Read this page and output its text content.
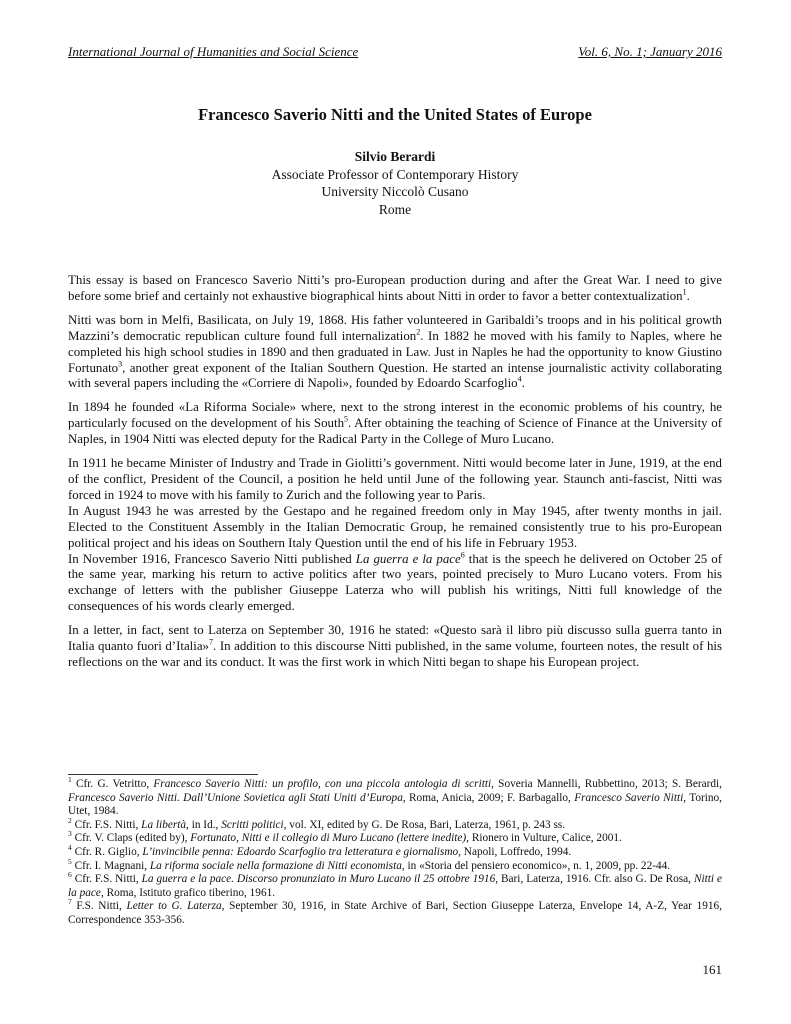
International Journal of Humanities and Social Science	Vol. 6, No. 1; January 2016
Francesco Saverio Nitti and the United States of Europe
Silvio Berardi
Associate Professor of Contemporary History
University Niccolò Cusano
Rome

This essay is based on Francesco Saverio Nitti’s pro-European production during and after the Great War. I need to give before some brief and certainly not exhaustive biographical hints about Nitti in order to favor a better contextualization$^1$.

Nitti was born in Melfi, Basilicata, on July 19, 1868. His father volunteered in Garibaldi’s troops and in his political growth Mazzini’s democratic republican culture found full internalization$^2$. In 1882 he moved with his family to Naples, where he completed his high school studies in 1890 and then graduated in Law. Just in Naples he had the opportunity to know Giustino Fortunato$^3$, another great exponent of the Italian Southern Question. He started an intense journalistic activity collaborating with several papers including the «Corriere di Napoli», founded by Edoardo Scarfoglio$^4$.

In 1894 he founded «La Riforma Sociale» where, next to the strong interest in the economic problems of his country, he particularly focused on the development of his South$^5$. After obtaining the teaching of Science of Finance at the University of Naples, in 1904 Nitti was elected deputy for the Radical Party in the College of Muro Lucano.

In 1911 he became Minister of Industry and Trade in Giolitti’s government. Nitti would become later in June, 1919, at the end of the conflict, President of the Council, a position he held until June of the following year. Staunch anti-fascist, Nitti was forced in 1924 to move with his family to Zurich and the following year to Paris.

In August 1943 he was arrested by the Gestapo and he regained freedom only in May 1945, after twenty months in jail. Elected to the Constituent Assembly in the Italian Democratic Group, he remained consistently true to his pro-European political project and his ideas on Southern Italy Question until the end of his life in February 1953.

In November 1916, Francesco Saverio Nitti published La guerra e la pace$^6$ that is the speech he delivered on October 25 of the same year, marking his return to active politics after two years, pointed precisely to Muro Lucano voters. From his exchange of letters with the publisher Giuseppe Laterza who will publish his writings, Nitti full knowledge of the consequences of his words clearly emerged.

In a letter, in fact, sent to Laterza on September 30, 1916 he stated: «Questo sarà il libro più discusso sulla guerra tanto in Italia quanto fuori d’Italia»$^7$. In addition to this discourse Nitti published, in the same volume, fourteen notes, the result of his reflections on the war and its conduct. It was the first work in which Nitti began to shape his European project.

$^1$ Cfr. G. Vetritto, Francesco Saverio Nitti: un profilo, con una piccola antologia di scritti, Soveria Mannelli, Rubbettino, 2013; S. Berardi, Francesco Saverio Nitti. Dall’Unione Sovietica agli Stati Uniti d’Europa, Roma, Anicia, 2009; F. Barbagallo, Francesco Saverio Nitti, Torino, Utet, 1984.

$^2$ Cfr. F.S. Nitti, La libertà, in Id., Scritti politici, vol. XI, edited by G. De Rosa, Bari, Laterza, 1961, p. 243 ss.

$^3$ Cfr. V. Claps (edited by), Fortunato, Nitti e il collegio di Muro Lucano (lettere inedite), Rionero in Vulture, Calice, 2001.

$^4$ Cfr. R. Giglio, L’invincibile penna: Edoardo Scarfoglio tra letteratura e giornalismo, Napoli, Loffredo, 1994.

$^5$ Cfr. I. Magnani, La riforma sociale nella formazione di Nitti economista, in «Storia del pensiero economico», n. 1, 2009, pp. 22-44.

$^6$ Cfr. F.S. Nitti, La guerra e la pace. Discorso pronunziato in Muro Lucano il 25 ottobre 1916, Bari, Laterza, 1916. Cfr. also G. De Rosa, Nitti e la pace, Roma, Istituto grafico tiberino, 1961.

$^7$ F.S. Nitti, Letter to G. Laterza, September 30, 1916, in State Archive of Bari, Section Giuseppe Laterza, Envelope 14, A-Z, Year 1916, Correspondence 353-356.

161
